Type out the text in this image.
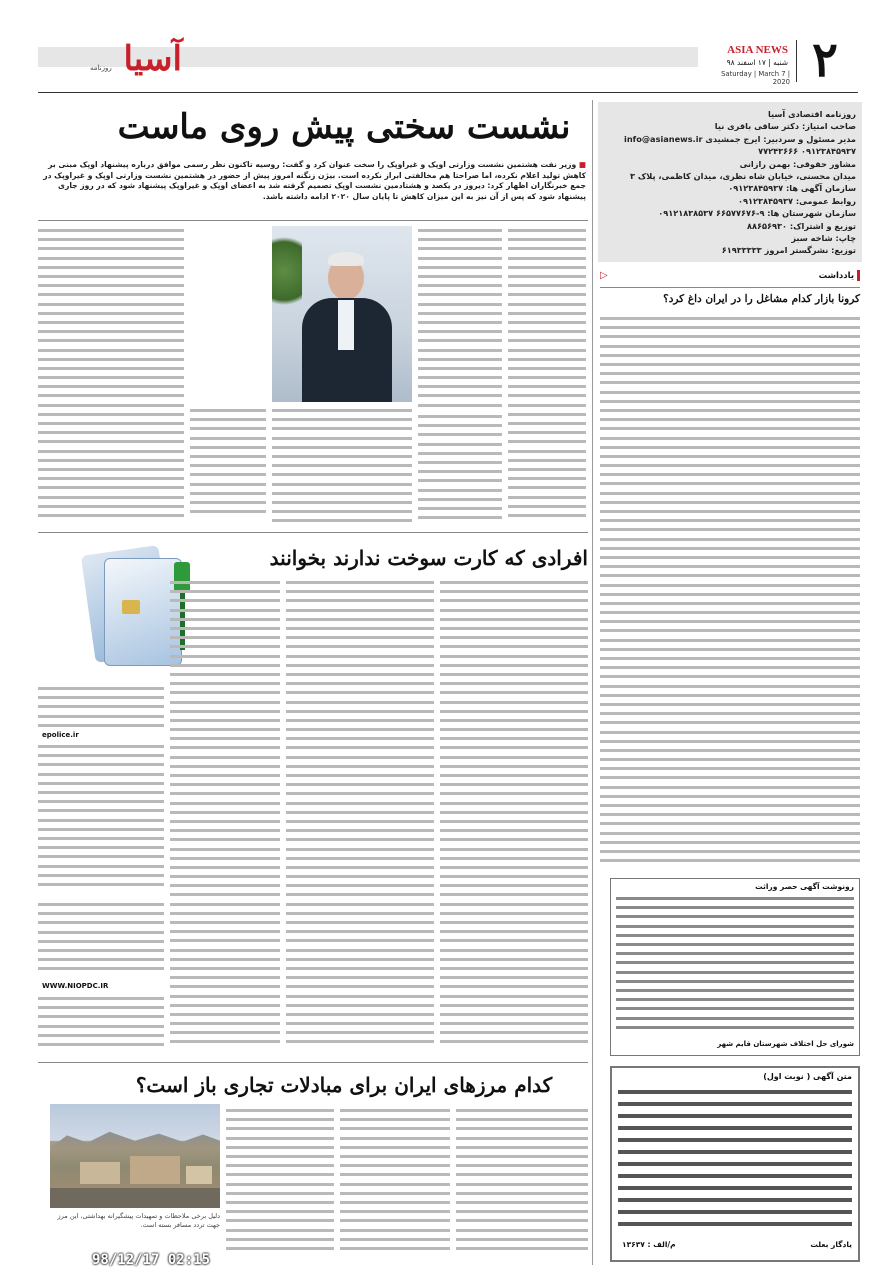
آسیا
روزنامه
ASIA NEWS
شنبه | ۱۷ اسفند ۹۸
Saturday | March 7 | 2020 ۲
روزنامه اقتصادی آسیا
صاحب امتیاز: دکتر ساقی باقری نیا
مدیر مسئول و سردبیر: ایرج جمشیدی info@asianews.ir
۰۹۱۲۳۸۴۵۹۳۷ ۷۷۲۴۳۶۶۶
مشاور حقوقی: بهمن رازانی
میدان محسنی، خیابان شاه نظری، میدان کاظمی، پلاک ۳
سازمان آگهی ها: ۰۹۱۲۳۸۴۵۹۳۷
روابط عمومی: ۰۹۱۲۳۸۴۵۹۳۷
سازمان شهرستان ها: ۹-۶۶۵۷۷۶۷۶ ۰۹۱۲۱۸۳۸۵۳۷
توزیع و اشتراک: ۸۸۶۵۶۹۳۰
چاپ: شاخه سبز
توزیع: نشرگستر امروز ۶۱۹۳۳۳۳۳
نشست سختی پیش روی ماست
■ وزیر نفت هشتمین نشست وزارتی اوپک و غیراوپک را سخت عنوان کرد و گفت: روسیه تاکنون نظر رسمی موافق درباره پیشنهاد اوپک مبنی بر کاهش تولید اعلام نکرده، اما صراحتا هم مخالفتی ابراز نکرده است. بیژن زنگنه امروز پیش از حضور در هشتمین نشست وزارتی اوپک و غیراوپک در جمع خبرنگاران اظهار کرد: دیروز در یکصد و هشتادمین نشست اوپک تصمیم گرفته شد به اعضای اوپک و غیراوپک پیشنهاد شود که در روز جاری پیشنهاد شود که پس از آن نیز به این میزان کاهش تا پایان سال ۲۰۲۰ ادامه داشته باشد.
یادداشت
▷
کرونا بازار کدام مشاغل را در ایران داغ کرد؟
رونوشت آگهی حصر وراثت
شورای حل اختلاف شهرستان قایم شهر
متن آگهی ( نوبت اول)
م/الف : ۱۳۶۳۷	یادگار بعلت
افرادی که کارت سوخت ندارند بخوانند
epolice.ir
WWW.NIOPDC.IR
کدام مرزهای ایران برای مبادلات تجاری باز است؟
دلیل برخی ملاحظات و تمهیدات پیشگیرانه بهداشتی، این مرز جهت تردد مسافر بسته است.
98/12/17 02:15
